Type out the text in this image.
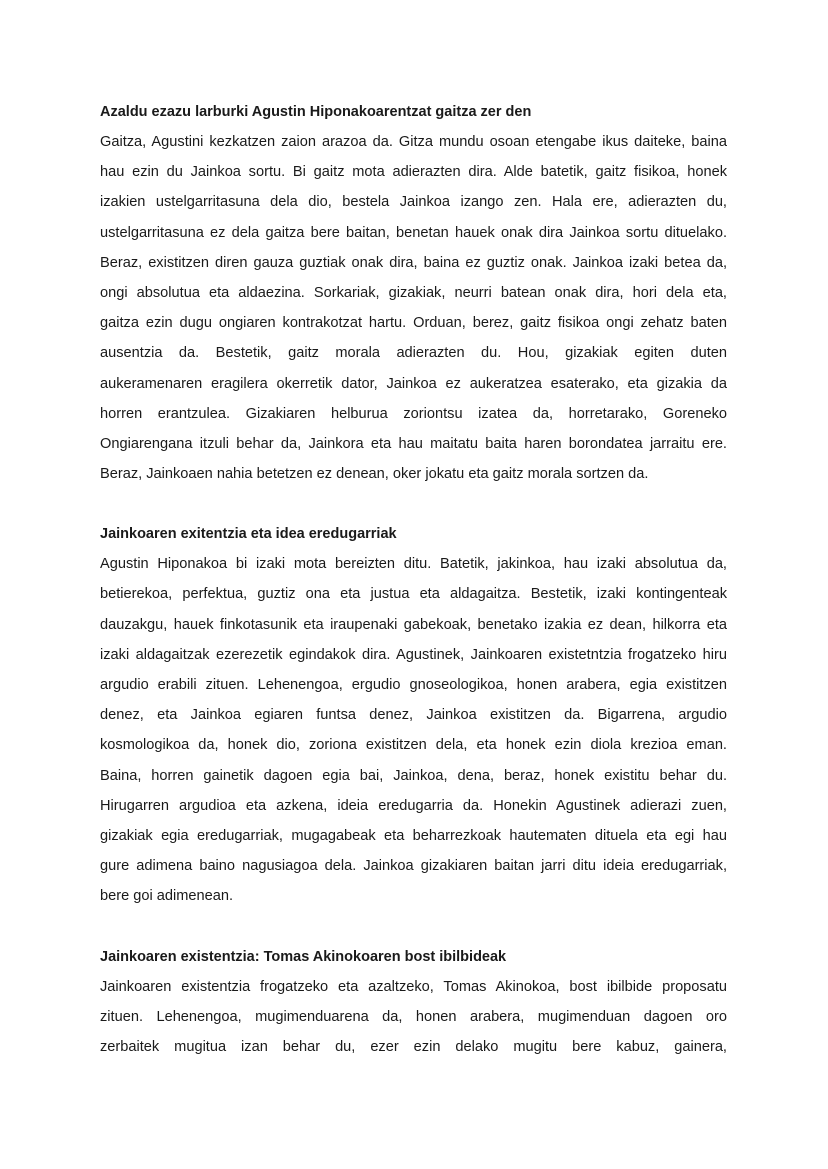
Azaldu ezazu larburki Agustin Hiponakoarentzat gaitza zer den

Gaitza, Agustini kezkatzen zaion arazoa da. Gitza mundu osoan etengabe ikus daiteke, baina

hau ezin du Jainkoa sortu. Bi gaitz mota adierazten dira. Alde batetik, gaitz fisikoa, honek

izakien ustelgarritasuna dela dio, bestela Jainkoa izango zen. Hala ere, adierazten du,

ustelgarritasuna ez dela gaitza bere baitan, benetan hauek onak dira Jainkoa sortu dituelako.

Beraz, existitzen diren gauza guztiak onak dira, baina ez guztiz onak. Jainkoa izaki betea da,

ongi absolutua eta aldaezina. Sorkariak, gizakiak, neurri batean onak dira, hori dela eta,

gaitza ezin dugu ongiaren kontrakotzat hartu. Orduan, berez, gaitz fisikoa ongi zehatz baten

ausentzia da. Bestetik, gaitz morala adierazten du. Hou, gizakiak egiten duten

aukeramenaren eragilera okerretik dator, Jainkoa ez aukeratzea esaterako, eta gizakia da

horren erantzulea. Gizakiaren helburua zoriontsu izatea da, horretarako, Goreneko

Ongiarengana itzuli behar da, Jainkora eta hau maitatu baita haren borondatea jarraitu ere.

Beraz, Jainkoaen nahia betetzen ez denean, oker jokatu eta gaitz morala sortzen da.

Jainkoaren exitentzia eta idea eredugarriak

Agustin Hiponakoa bi izaki mota bereizten ditu. Batetik, jakinkoa, hau izaki absolutua da,

betierekoa, perfektua, guztiz ona eta justua eta aldagaitza. Bestetik, izaki kontingenteak

dauzakgu, hauek finkotasunik eta iraupenaki gabekoak, benetako izakia ez dean, hilkorra eta

izaki aldagaitzak ezerezetik egindakok dira. Agustinek, Jainkoaren existetntzia frogatzeko hiru

argudio erabili zituen. Lehenengoa, ergudio gnoseologikoa, honen arabera, egia existitzen

denez, eta Jainkoa egiaren funtsa denez, Jainkoa existitzen da. Bigarrena, argudio

kosmologikoa da, honek dio, zoriona existitzen dela, eta honek ezin diola krezioa eman.

Baina, horren gainetik dagoen egia bai, Jainkoa, dena, beraz, honek existitu behar du.

Hirugarren argudioa eta azkena, ideia eredugarria da. Honekin Agustinek adierazi zuen,

gizakiak egia eredugarriak, mugagabeak eta beharrezkoak hautematen dituela eta egi hau

gure adimena baino nagusiagoa dela. Jainkoa gizakiaren baitan jarri ditu ideia eredugarriak,

bere goi adimenean.

Jainkoaren existentzia: Tomas Akinokoaren bost ibilbideak

Jainkoaren existentzia frogatzeko eta azaltzeko, Tomas Akinokoa, bost ibilbide proposatu

zituen. Lehenengoa, mugimenduarena da, honen arabera, mugimenduan dagoen oro

zerbaitek mugitua izan behar du, ezer ezin delako mugitu bere kabuz, gainera,
